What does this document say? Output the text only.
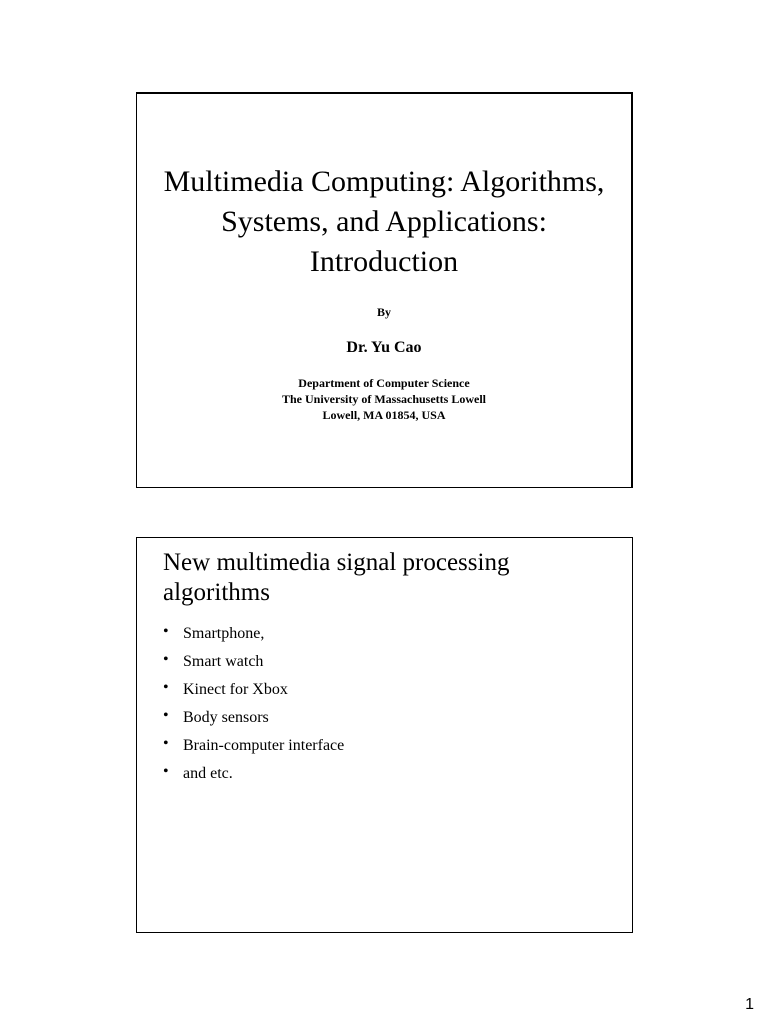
Multimedia Computing: Algorithms,
Systems, and Applications:
Introduction
By
Dr. Yu Cao
Department of Computer Science
The University of Massachusetts Lowell
Lowell, MA 01854, USA
New multimedia signal processing
algorithms
• Smartphone,
• Smart watch
• Kinect for Xbox
• Body sensors
• Brain-computer interface
• and etc.
1
